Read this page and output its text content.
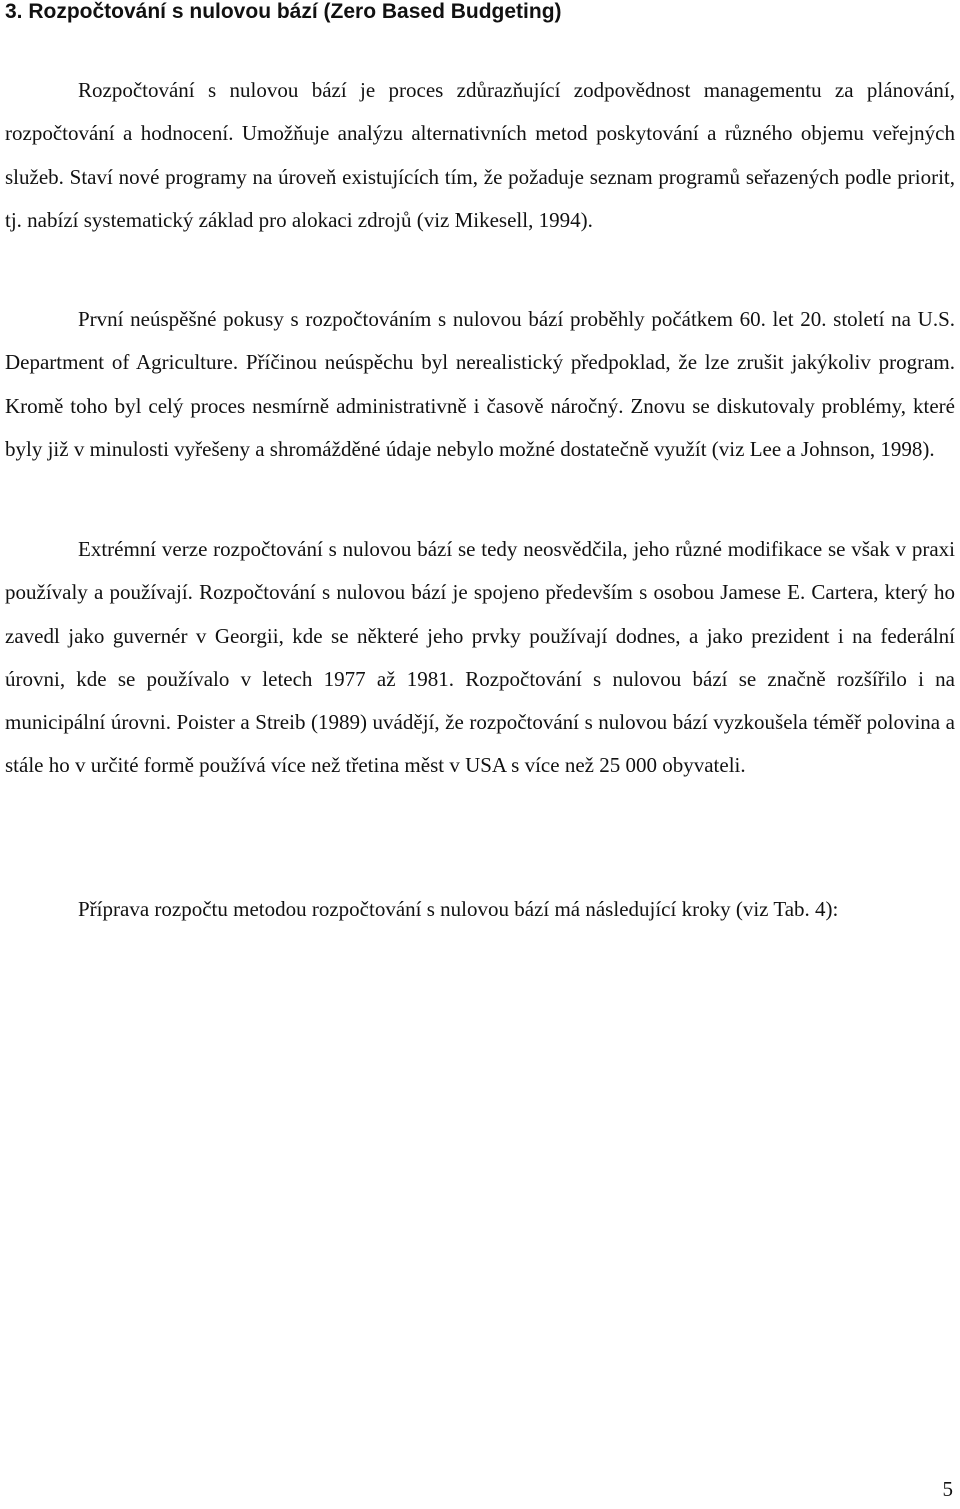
3. Rozpočtování s nulovou bází (Zero Based Budgeting)

Rozpočtování s nulovou bází je proces zdůrazňující zodpovědnost managementu za plánování, rozpočtování a hodnocení. Umožňuje analýzu alternativních metod poskytování a různého objemu veřejných služeb. Staví nové programy na úroveň existujících tím, že požaduje seznam programů seřazených podle priorit, tj. nabízí systematický základ pro alokaci zdrojů (viz Mikesell, 1994).

První neúspěšné pokusy s rozpočtováním s nulovou bází proběhly počátkem 60. let 20. století na U.S. Department of Agriculture. Příčinou neúspěchu byl nerealistický předpoklad, že lze zrušit jakýkoliv program. Kromě toho byl celý proces nesmírně administrativně i časově náročný. Znovu se diskutovaly problémy, které byly již v minulosti vyřešeny a shromážděné údaje nebylo možné dostatečně využít (viz Lee a Johnson, 1998).

Extrémní verze rozpočtování s nulovou bází se tedy neosvědčila, jeho různé modifikace se však v praxi používaly a používají. Rozpočtování s nulovou bází je spojeno především s osobou Jamese E. Cartera, který ho zavedl jako guvernér v Georgii, kde se některé jeho prvky používají dodnes, a jako prezident i na federální úrovni, kde se používalo v letech 1977 až 1981. Rozpočtování s nulovou bází se značně rozšířilo i na municipální úrovni. Poister a Streib (1989) uvádějí, že rozpočtování s nulovou bází vyzkoušela téměř polovina a stále ho v určité formě používá více než třetina měst v USA s více než 25 000 obyvateli.

Příprava rozpočtu metodou rozpočtování s nulovou bází má následující kroky (viz Tab. 4):

5
